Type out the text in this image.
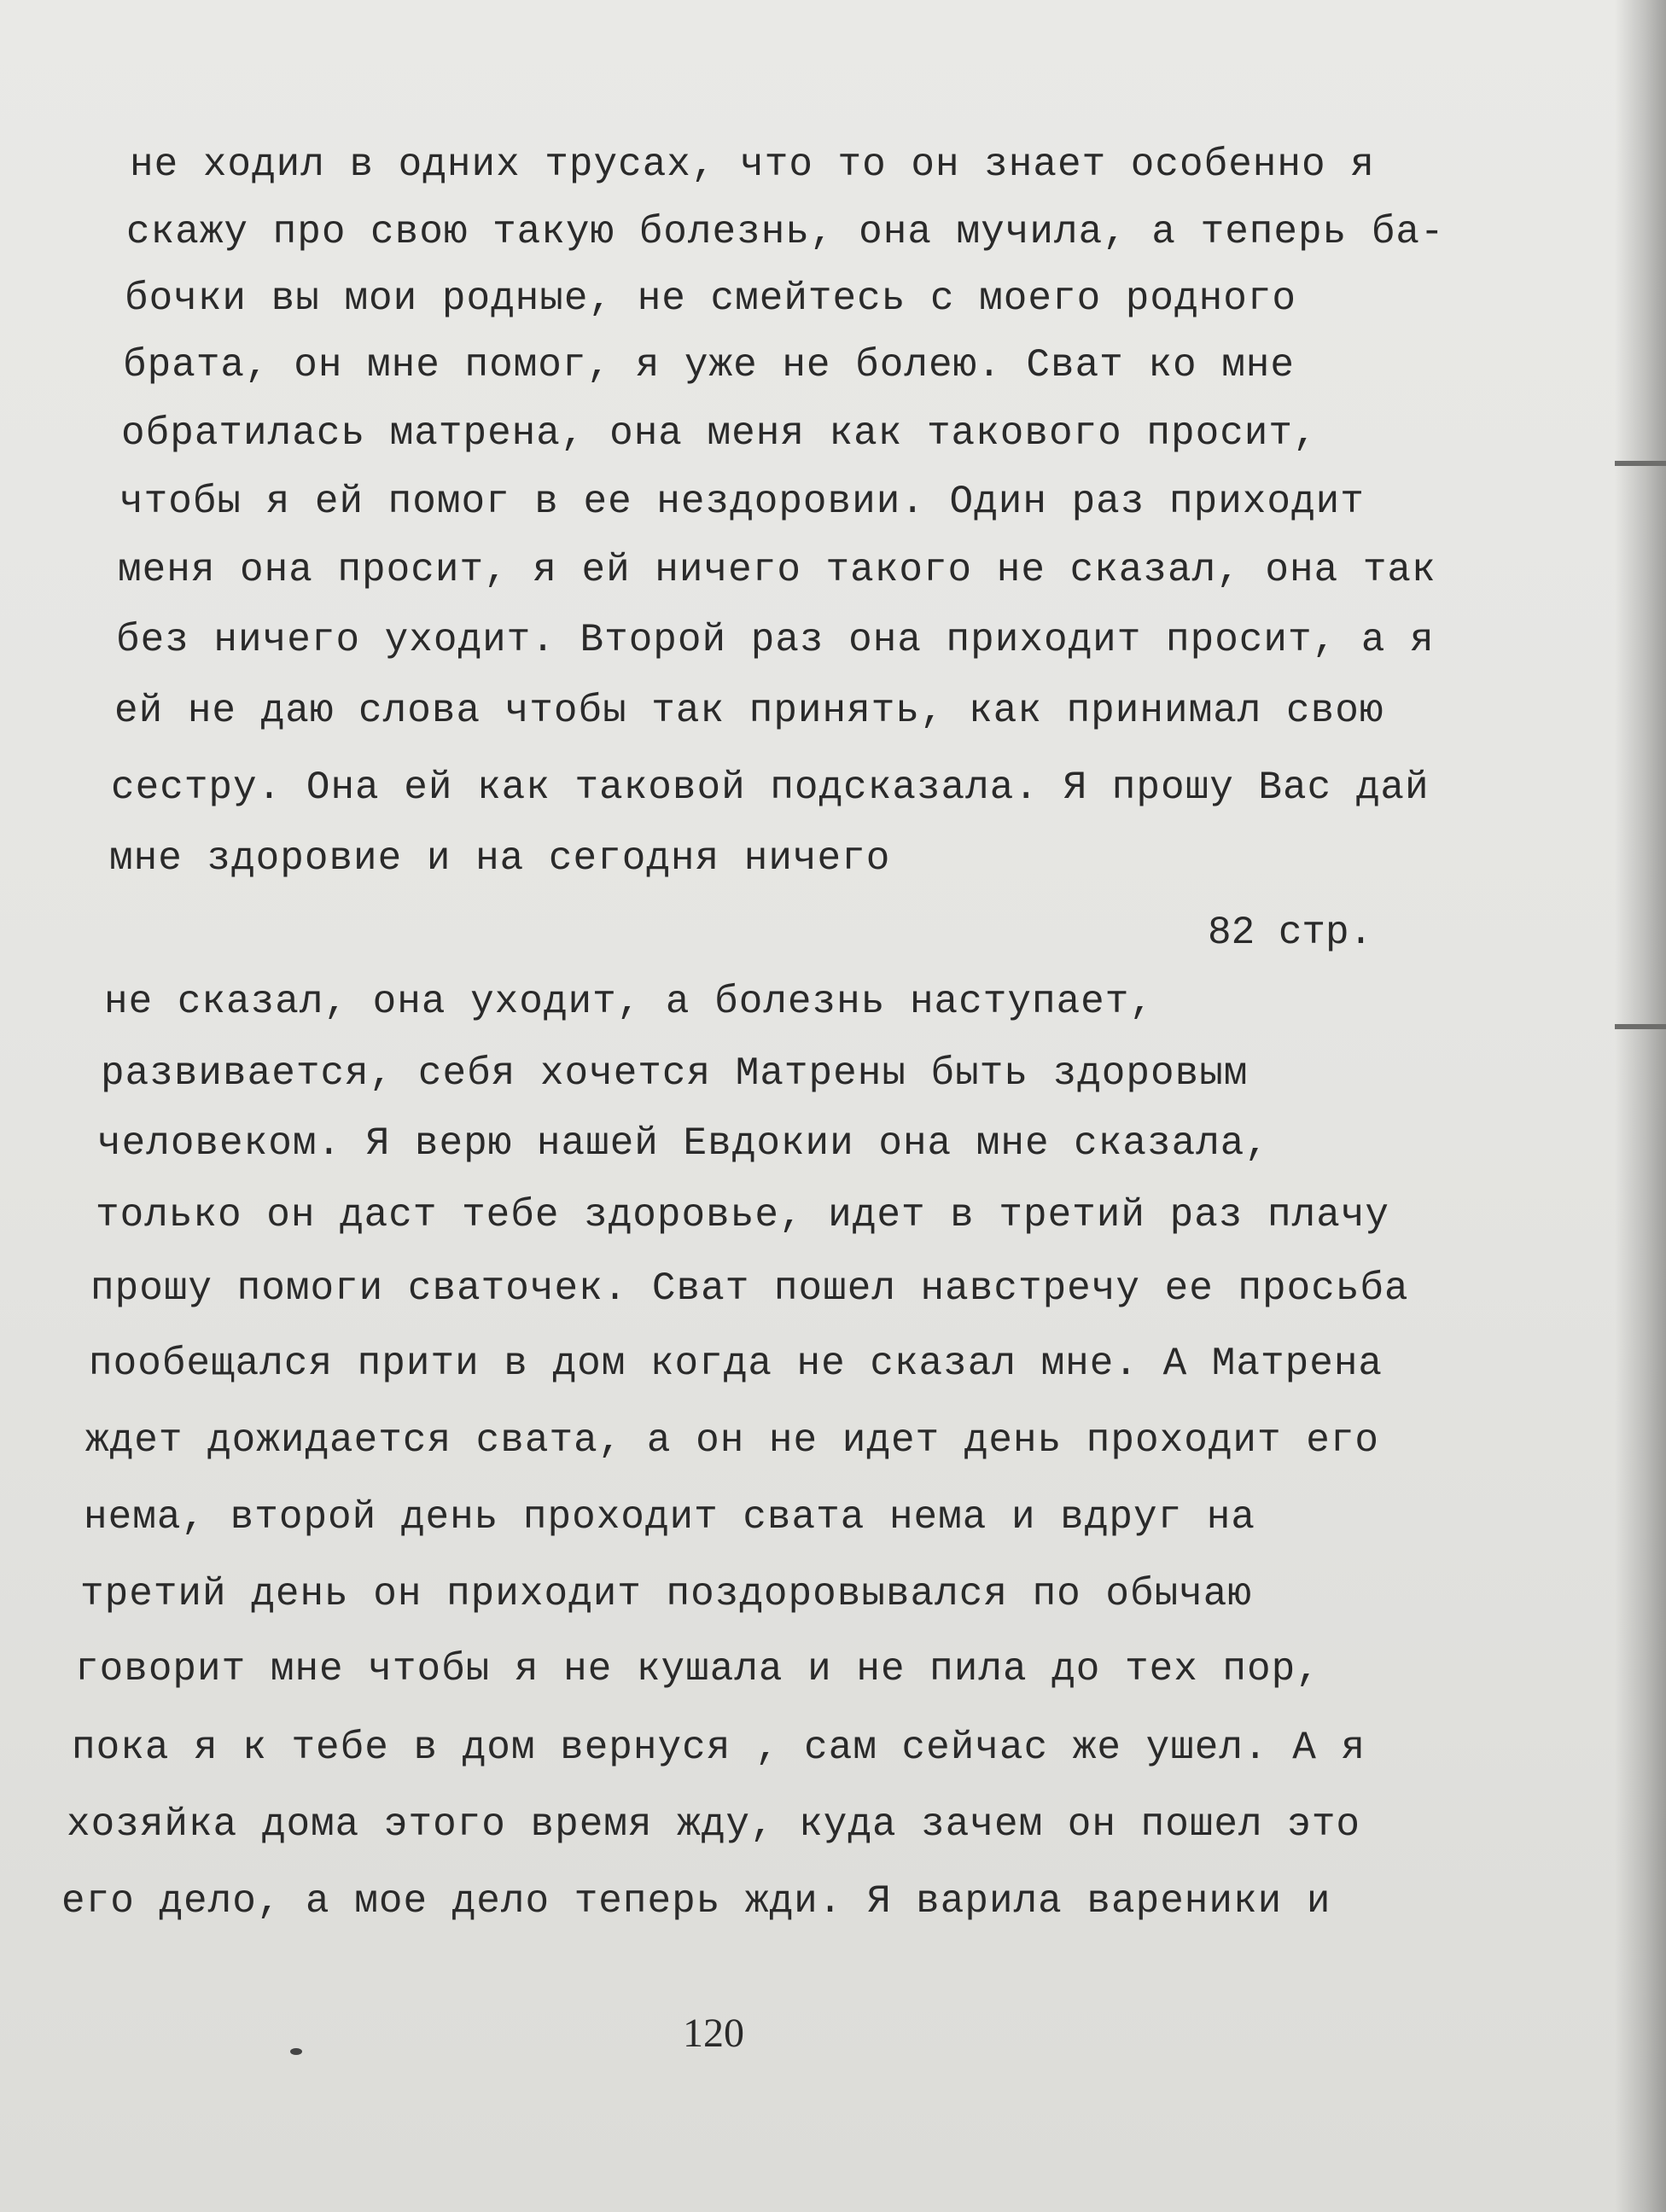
не ходил в одних трусах, что то он знает особенно я
скажу про свою такую болезнь, она мучила, а теперь ба-
бочки вы мои родные, не смейтесь с моего родного
брата, он мне помог, я уже не болею. Сват ко мне
обратилась матрена, она меня как такового просит,
чтобы я ей помог в ее нездоровии. Один раз приходит
меня она просит, я ей ничего такого не сказал, она так
без ничего уходит. Второй раз она приходит просит, а я
ей не даю слова чтобы так принять, как принимал свою
сестру. Она ей как таковой подсказала. Я прошу Вас дай
мне здоровие и на сегодня ничего
82 стр.
не сказал, она уходит, а болезнь наступает,
развивается, себя хочется Матрены быть здоровым
человеком. Я верю нашей Евдокии она мне сказала,
только он даст тебе здоровье, идет в третий раз плачу
прошу помоги сваточек. Сват пошел навстречу ее просьба
пообещался прити в дом когда не сказал мне. А Матрена
ждет дожидается свата, а он не идет день проходит его
нема, второй день проходит свата нема и вдруг на
третий день он приходит поздоровывался по обычаю
говорит мне чтобы я не кушала и не пила до тех пор,
пока я к тебе в дом вернуся , сам сейчас же ушел. А я
хозяйка дома этого время жду, куда зачем он пошел это
его дело, а мое дело теперь жди. Я варила вареники и
120
